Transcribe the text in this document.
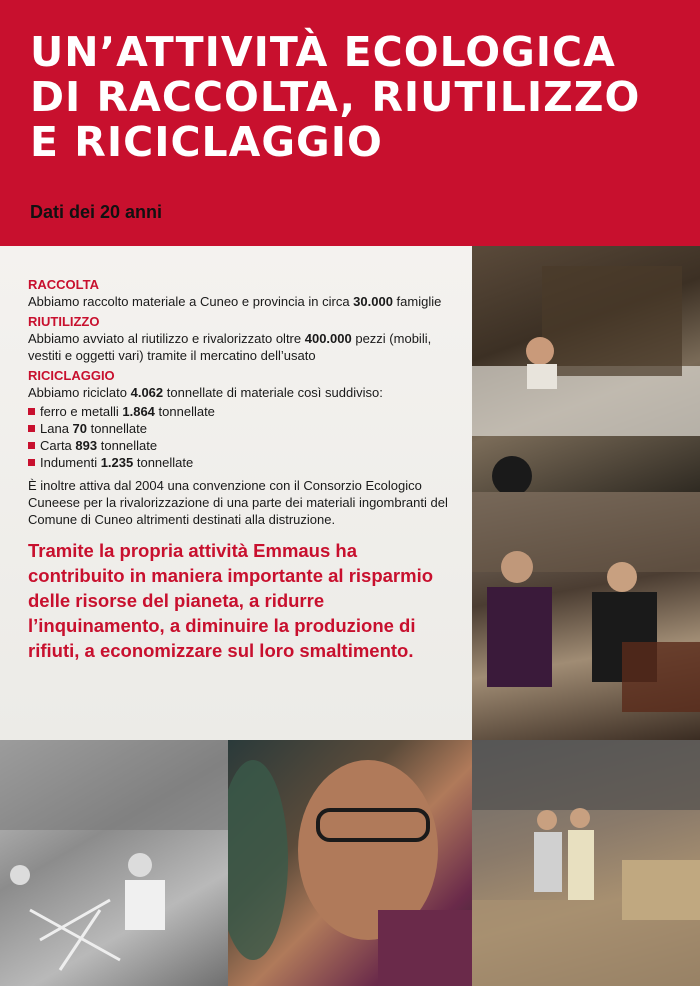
UN’ATTIVITÀ ECOLOGICA
DI RACCOLTA, RIUTILIZZO
E RICICLAGGIO
Dati dei 20 anni
RACCOLTA

Abbiamo raccolto materiale a Cuneo e provincia in circa 30.000 famiglie

RIUTILIZZO

Abbiamo avviato al riutilizzo e rivalorizzato oltre 400.000 pezzi (mobili, vestiti e oggetti vari) tramite il mercatino dell’usato

RICICLAGGIO

Abbiamo riciclato 4.062 tonnellate di materiale così suddiviso:

ferro e metalli 1.864 tonnellate
Lana 70 tonnellate
Carta 893 tonnellate
Indumenti 1.235 tonnellate

È inoltre attiva dal 2004 una convenzione con il Consorzio Ecologico Cuneese per la rivalorizzazione di una parte dei materiali ingombranti del Comune di Cuneo altrimenti destinati alla distruzione.

Tramite la propria attività Emmaus ha contribuito in maniera importante al risparmio delle risorse del pianeta, a ridurre l’inquinamento, a diminuire la produzione di rifiuti, a economizzare sul loro smaltimento.
